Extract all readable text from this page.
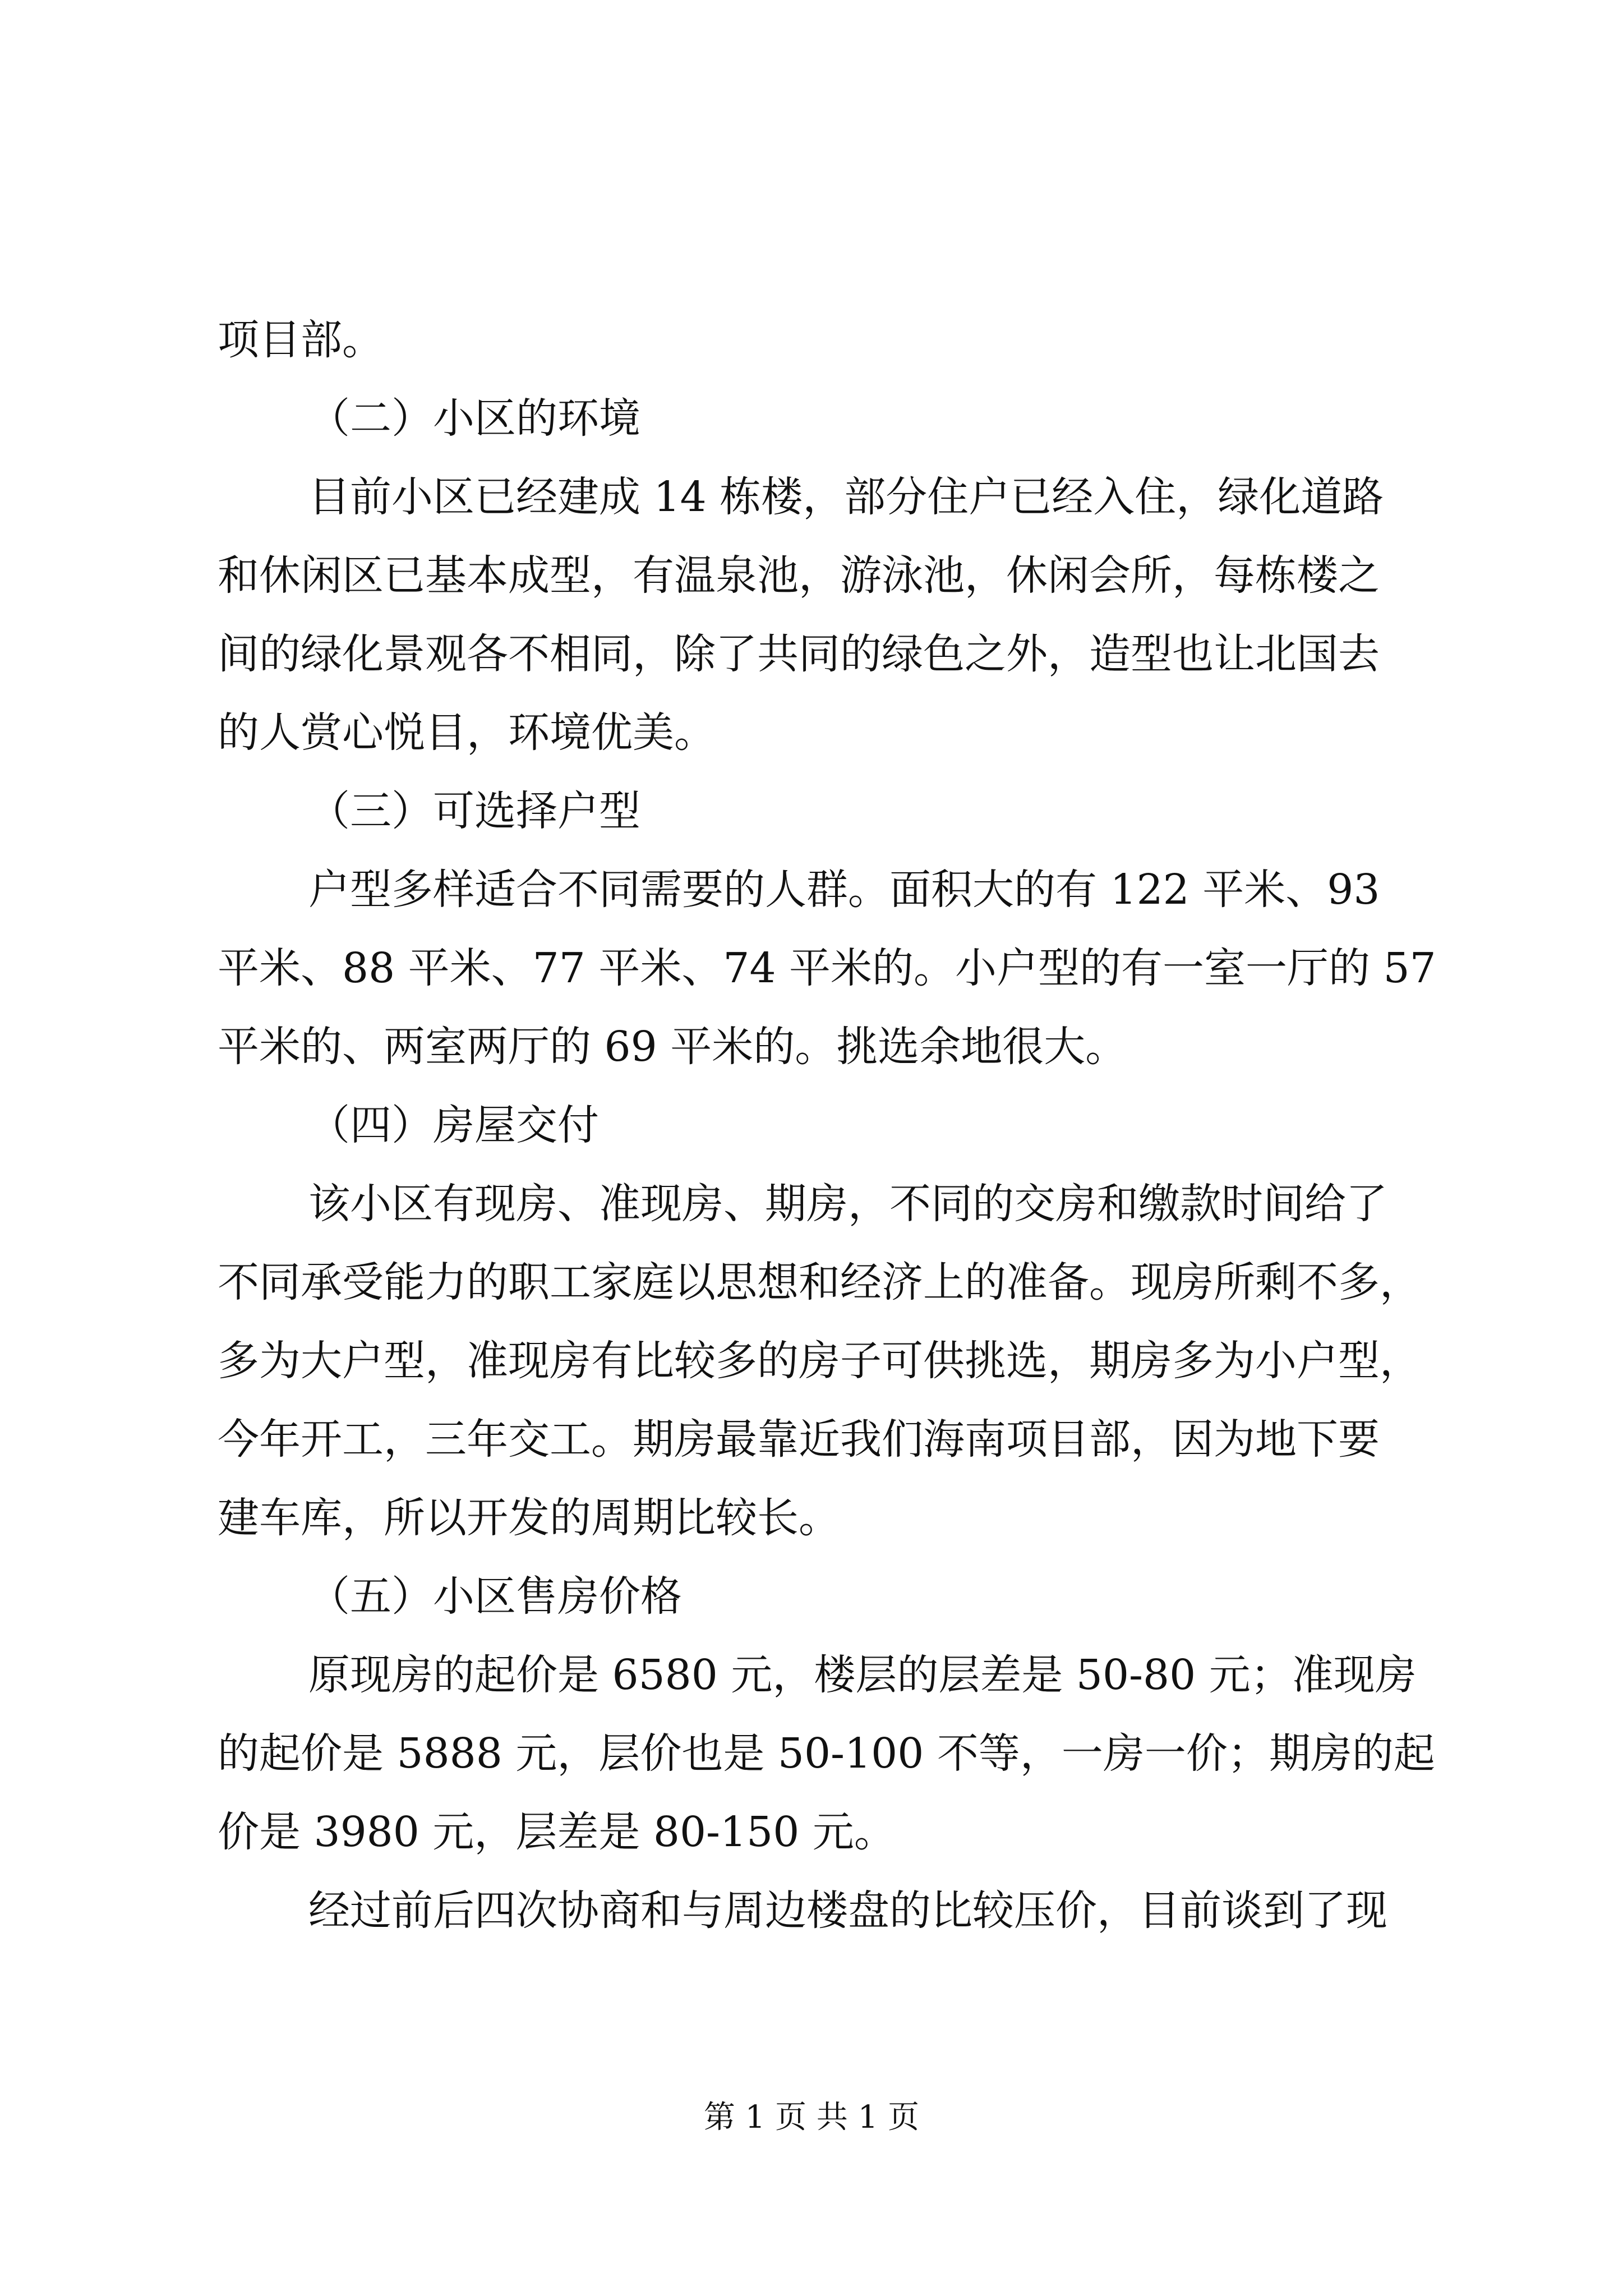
项目部。
（二）小区的环境
目前小区已经建成 14 栋楼，部分住户已经入住，绿化道路
和休闲区已基本成型，有温泉池，游泳池，休闲会所，每栋楼之
间的绿化景观各不相同，除了共同的绿色之外，造型也让北国去
的人赏心悦目，环境优美。
（三）可选择户型
户型多样适合不同需要的人群。面积大的有 122 平米、93
平米、88 平米、77 平米、74 平米的。小户型的有一室一厅的 57
平米的、两室两厅的 69 平米的。挑选余地很大。
（四）房屋交付
该小区有现房、准现房、期房，不同的交房和缴款时间给了
不同承受能力的职工家庭以思想和经济上的准备。现房所剩不多，
多为大户型，准现房有比较多的房子可供挑选，期房多为小户型，
今年开工，三年交工。期房最靠近我们海南项目部，因为地下要
建车库，所以开发的周期比较长。
（五）小区售房价格
原现房的起价是 6580 元，楼层的层差是 50-80 元；准现房
的起价是 5888 元，层价也是 50-100 不等，一房一价；期房的起
价是 3980 元，层差是 80-150 元。
经过前后四次协商和与周边楼盘的比较压价，目前谈到了现
第 1 页 共 1 页
